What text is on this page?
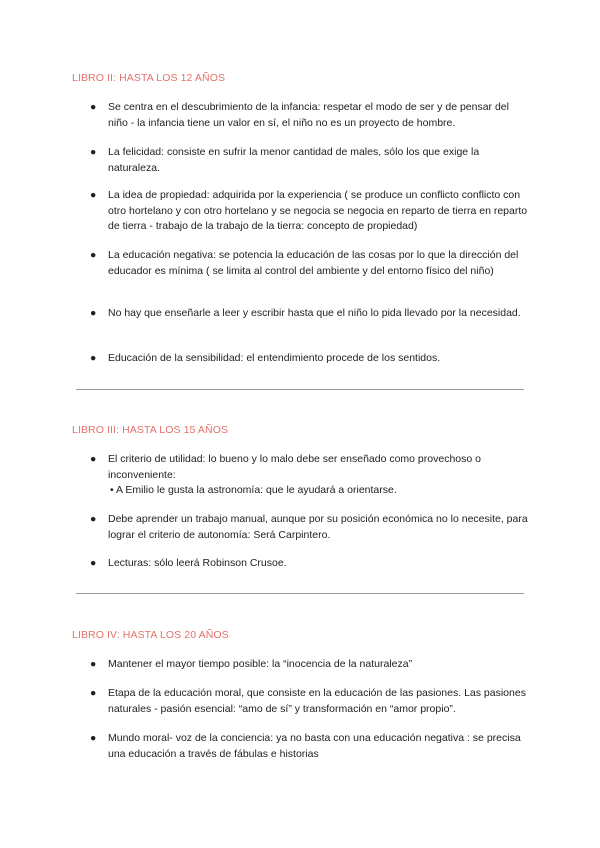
LIBRO II: HASTA LOS 12 AÑOS
●	Se centra en el descubrimiento de la infancia: respetar el modo de ser y de pensar del niño - la infancia tiene un valor en sí, el niño no es un proyecto de hombre.
●	La felicidad: consiste en sufrir la menor cantidad de males, sólo los que exige la naturaleza.
●	La idea de propiedad: adquirida por la experiencia ( se produce un conflicto conflicto con otro hortelano y con otro hortelano y se negocia se negocia en reparto de tierra en reparto de tierra - trabajo de la trabajo de la tierra: concepto de propiedad)
●	La educación negativa: se potencia la educación de las cosas por lo que la dirección del educador es mínima ( se limita al control del ambiente y del entorno físico del niño)
●	No hay que enseñarle a leer y escribir hasta que el niño lo pida llevado por la necesidad.
●	Educación de la sensibilidad: el entendimiento procede de los sentidos.
LIBRO III: HASTA LOS 15 AÑOS
●	El criterio de utilidad: lo bueno y lo malo debe ser enseñado como provechoso o inconveniente:
• A Emilio le gusta la astronomía: que le ayudará a orientarse.
●	Debe aprender un trabajo manual, aunque por su posición económica no lo necesite, para lograr el criterio de autonomía: Será Carpintero.
●	Lecturas: sólo leerá Robinson Crusoe.
LIBRO IV: HASTA LOS 20 AÑOS
●	Mantener el mayor tiempo posible: la “inocencia de la naturaleza”
●	Etapa de la educación moral, que consiste en la educación de las pasiones. Las pasiones naturales - pasión esencial: “amo de sí” y transformación en “amor propio”.
●	Mundo moral- voz de la conciencia: ya no basta con una educación negativa : se precisa una educación a través de fábulas e historias
